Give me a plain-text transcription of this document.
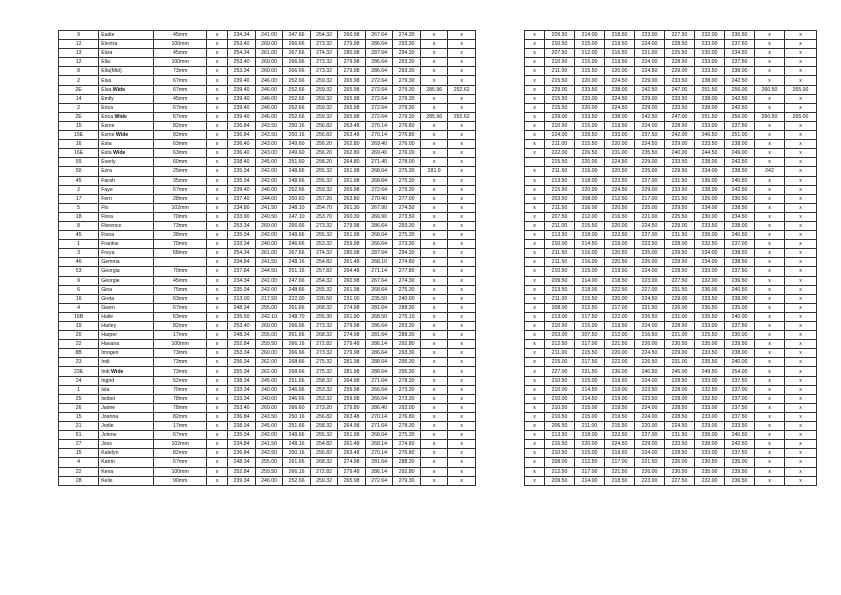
9	Eadie	45mm	x	234.34	241.00	247.66	254.32	260.98	267.64	274.30	x	x
12	Electra	100mm	x	253.40	260.00	266.66	273.32	279.98	286.64	293.30	x	x
13	Eliza	45mm	x	254.34	261.00	267.66	274.32	280.98	287.64	294.30	x	x
12	Ella	100mm	x	253.40	260.00	266.66	273.32	279.98	286.64	293.30	x	x
8	Ella(Mid)	73mm	x	253.34	260.00	266.66	273.32	279.98	286.64	293.30	x	x
2	Elsa	67mm	x	239.40	246.00	252.66	259.32	265.98	272.64	279.30	x	x
2E	Elsa Wide	67mm	x	239.40	246.00	252.66	259.32	265.98	272.64	279.30	285.96	292.62
14	Emily	45mm	x	239.40	246.00	252.66	259.32	265.98	272.64	279.30	x	x
2	Erica	67mm	x	239.40	246.00	252.66	259.32	265.98	272.64	279.30	x	x
2E	Erica Wide	67mm	x	239.40	246.00	252.66	259.32	265.98	272.64	279.30	285.96	292.62
15	Esme	82mm	x	236.84	243.50	250.16	256.82	263.48	270.14	276.80	x	x
15E	Esme Wide	82mm	x	236.84	243.50	250.16	256.82	263.48	270.14	276.80	x	x
16	Esta	63mm	x	236.40	243.00	249.60	256.20	262.80	269.40	276.00	x	x
16E	Esta Wide	63mm	x	236.40	243.00	249.60	256.20	262.80	269.40	276.00	x	x
59	Everly	60mm	x	238.40	245.00	251.60	258.20	264.80	271.40	278.00	x	x
50	Ezra	25mm	x	235.34	242.00	248.66	255.32	261.98	268.64	275.30	281.9	x
45	Farah	35mm	x	235.34	242.00	248.66	255.32	261.98	268.64	275.30	x	x
2	Faye	67mm	x	239.40	246.00	252.66	259.32	265.98	272.64	279.30	x	x
17	Fern	28mm	x	237.40	244.00	250.60	257.20	263.80	270.40	277.00	x	x
5	Flo	102mm	x	234.80	241.50	248.10	254.70	261.30	267.90	274.50	x	x
18	Flora	70mm	x	233.90	240.50	247.10	253.70	260.30	266.90	273.50	x	x
8	Florence	73mm	x	253.34	260.00	266.66	273.32	279.98	286.64	293.30	x	x
45	Fiona	38mm	x	235.34	242.00	248.66	255.32	261.98	268.64	275.30	x	x
1	Frankie	70mm	x	233.34	240.00	246.66	253.32	259.98	266.64	273.30	x	x
3	Freya	68mm	x	254.34	261.00	267.66	274.32	280.98	287.64	294.30	x	x
46	Gemma		x	234.84	241.50	248.16	254.82	261.48	268.10	274.80	x	x
53	Georgia	70mm	x	237.84	244.50	251.16	257.82	264.48	271.14	277.80	x	x
9	Georgie	45mm	x	234.34	241.00	247.66	254.32	260.98	267.64	274.30	x	x
6	Gina	75mm	x	235.34	242.00	248.66	255.32	261.98	268.64	275.30	x	x
16	Greta	63mm	x	213.00	217.50	222.00	226.50	231.00	235.50	240.00	x	x
4	Gwen	67mm	x	248.34	255.00	261.66	268.32	274.98	281.64	288.30	x	x
16B	Halle	63mm	x	235.50	242.10	248.70	255.30	261.90	268.50	275.10	x	x
19	Harley	82mm	x	253.40	260.00	266.66	273.32	279.98	286.64	293.30	x	x
20	Harper	17mm	x	248.34	255.00	261.66	268.32	274.98	281.64	288.30	x	x
22	Havana	100mm	x	252.84	259.50	266.16	272.82	279.48	286.14	292.80	x	x
8B	Imogen	73mm	x	253.34	260.00	266.66	273.32	279.98	286.64	293.30	x	x
23	Indi	73mm	x	256.34	262.00	268.66	275.32	281.98	288.64	295.30	x	x
23E	Indi Wide	73mm	x	255.34	262.00	268.66	275.32	281.98	288.64	295.30	x	x
24	Ingrid	52mm	x	238.34	245.00	251.66	258.32	264.98	271.64	278.30	x	x
1	Isla	70mm	x	233.34	240.00	246.66	253.32	259.98	266.64	273.30	x	x
25	Isobel	78mm	x	233.34	240.00	246.66	253.32	259.98	266.64	273.30	x	x
26	Jaime	78mm	x	253.40	260.00	266.60	273.20	279.80	286.40	293.00	x	x
15	Joanna	82mm	x	236.84	243.50	250.16	256.82	263.48	270.14	276.80	x	x
21	Jodie	17mm	x	238.34	245.00	251.66	258.32	264.98	271.64	278.30	x	x
51	Jolene	67mm	x	235.34	242.00	248.66	255.32	261.98	268.64	275.30	x	x
27	Joss	102mm	x	234.84	241.50	248.16	254.82	261.48	268.14	274.80	x	x
15	Katelyn	82mm	x	236.84	243.50	250.16	256.82	263.48	270.14	276.80	x	x
4	Katrin	67mm	x	248.34	255.00	261.66	268.32	274.98	281.64	288.30	x	x
22	Keira	100mm	x	252.84	259.50	266.16	272.82	279.48	286.14	292.80	x	x
28	Kelis	90mm	x	239.34	246.00	252.66	259.32	265.98	272.64	279.30	x	x
x	209.50	214.00	218.50	223.00	227.50	232.00	236.50	x	x
x	210.50	215.00	219.50	224.00	228.50	233.00	237.50	x	x
x	207.50	212.00	216.50	221.00	225.50	230.00	234.50	x	x
x	210.50	215.00	219.50	224.00	228.50	233.00	237.50	x	x
x	211.00	215.50	220.00	224.50	229.00	233.50	238.00	x	x
x	215.50	220.00	224.50	229.00	233.50	238.00	242.50	x	x
x	229.00	233.50	238.00	242.50	247.00	251.50	256.00	260.50	265.00
x	215.50	220.00	224.50	229.00	233.50	238.00	242.50	x	x
x	215.50	220.00	224.50	229.00	233.50	238.00	242.50	x	x
x	229.00	233.50	238.00	242.50	247.00	251.50	256.00	260.50	265.00
x	210.50	215.00	219.50	224.00	228.50	233.00	237.50	x	x
x	224.00	228.50	233.00	237.50	242.00	246.50	251.00	x	x
x	211.00	215.50	220.00	224.50	229.00	233.50	238.00	x	x
x	222.00	226.50	231.00	235.50	240.00	244.50	249.00	x	x
	215.50	220.00	224.50	229.00	233.50	238.00	242.50	x	x
x	211.50	216.00	220.50	225.00	229.50	234.00	238.50	242	x
x	213.50	218.00	222.50	227.00	231.50	236.00	240.50	x	x
x	215.50	220.00	224.50	229.00	233.50	238.00	242.50	x	x
x	203.50	208.00	212.50	217.00	221.50	226.00	230.50	x	x
x	211.50	216.00	220.50	225.00	229.50	234.00	238.50	x	x
x	207.50	212.00	216.50	221.00	225.50	230.00	234.50	x	x
x	211.00	215.50	220.00	224.50	229.00	233.50	238.00	x	x
x	213.50	218.00	222.50	227.00	231.50	236.00	240.50	x	x
x	210.00	214.50	219.00	223.50	228.00	232.50	237.00	x	x
x	211.50	216.00	220.50	225.00	229.50	234.00	238.50	x	x
x	211.50	216.00	220.50	225.00	229.50	234.00	238.50	x	x
x	210.50	215.00	219.50	224.00	228.50	233.00	237.50	x	x
x	209.50	214.00	218.50	223.00	227.50	232.00	236.50	x	x
x	213.50	218.00	222.50	227.00	231.50	236.00	240.50	x	x
x	211.00	215.50	220.00	224.50	229.00	233.50	238.00	x	x
x	208.00	212.50	217.00	221.50	226.00	230.50	235.00	x	x
x	213.00	217.50	222.00	226.50	231.00	235.50	240.00	x	x
x	210.50	215.00	219.50	224.00	228.50	233.00	237.50	x	x
x	203.00	207.50	212.00	216.50	221.00	225.50	230.00	x	x
x	212.50	217.00	221.50	226.00	230.50	235.00	239.50	x	x
x	211.00	215.50	220.00	224.50	229.00	233.50	238.00	x	x
x	215.00	217.50	222.00	226.50	231.00	235.50	240.00	x	x
x	227.00	231.50	236.00	240.50	245.00	249.50	254.00	x	x
x	210.50	215.00	219.50	224.00	228.50	233.00	237.50	x	x
x	210.00	214.50	219.00	223.50	228.00	232.50	237.00	x	x
x	210.00	214.50	219.00	223.50	228.00	232.50	237.00	x	x
x	210.50	215.00	219.50	224.00	228.50	233.00	237.50	x	x
x	210.50	215.00	219.50	224.00	228.50	233.00	237.50	x	x
x	206.50	211.00	215.50	220.00	224.50	229.00	233.50	x	x
x	213.50	218.00	222.50	227.00	231.50	236.00	240.50	x	x
x	216.50	220.00	224.50	229.00	233.50	238.00	242.50	x	x
x	210.50	215.00	219.50	224.00	228.50	233.00	237.50	x	x
x	208.00	212.50	217.00	221.50	226.00	230.50	235.00	x	x
x	212.50	217.00	221.50	226.00	230.50	235.00	239.50	x	x
x	209.50	214.00	218.50	223.00	227.50	232.00	236.50	x	x
